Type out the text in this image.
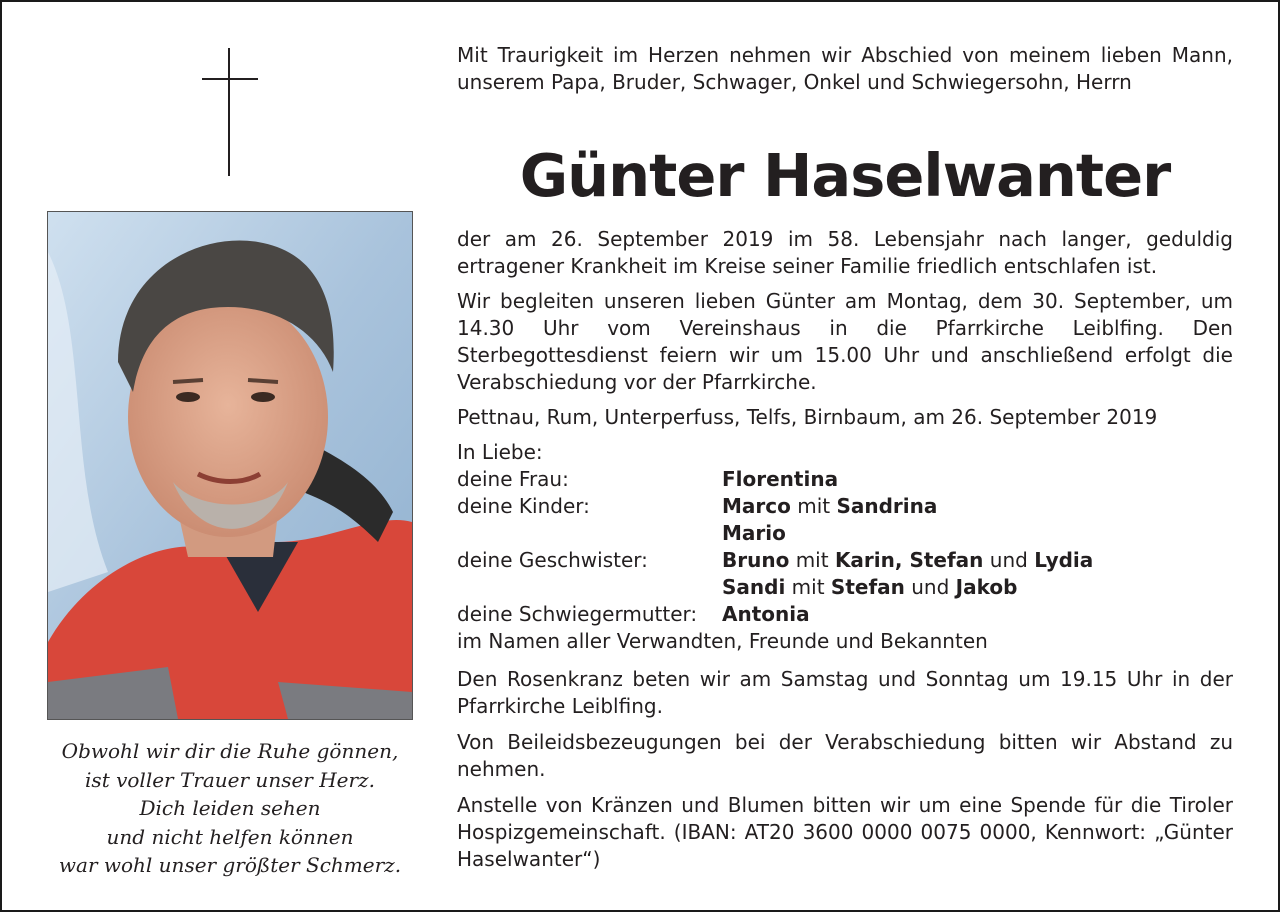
Obwohl wir dir die Ruhe gönnen,
ist voller Trauer unser Herz.
Dich leiden sehen
und nicht helfen können
war wohl unser größter Schmerz.

Mit Traurigkeit im Herzen nehmen wir Abschied von meinem lieben Mann, unserem Papa, Bruder, Schwager, Onkel und Schwiegersohn, Herrn

Günter Haselwanter
der am 26. September 2019 im 58. Lebensjahr nach langer, geduldig ertragener Krankheit im Kreise seiner Familie friedlich entschlafen ist.
Wir begleiten unseren lieben Günter am Montag, dem 30. September, um 14.30 Uhr vom Vereinshaus in die Pfarrkirche Leiblfing. Den Sterbegottesdienst feiern wir um 15.00 Uhr und anschließend erfolgt die Verabschiedung vor der Pfarrkirche.
Pettnau, Rum, Unterperfuss, Telfs, Birnbaum, am 26. September 2019
In Liebe:
deine Frau:	Florentina
deine Kinder:	Marco mit Sandrina
Mario
deine Geschwister:	Bruno mit Karin, Stefan und Lydia
Sandi mit Stefan und Jakob
deine Schwiegermutter: Antonia
im Namen aller Verwandten, Freunde und Bekannten
Den Rosenkranz beten wir am Samstag und Sonntag um 19.15 Uhr in der Pfarrkirche Leiblfing.
Von Beileidsbezeugungen bei der Verabschiedung bitten wir Abstand zu nehmen.
Anstelle von Kränzen und Blumen bitten wir um eine Spende für die Tiroler Hospizgemeinschaft. (IBAN: AT20 3600 0000 0075 0000, Kennwort: „Günter Haselwanter“)
